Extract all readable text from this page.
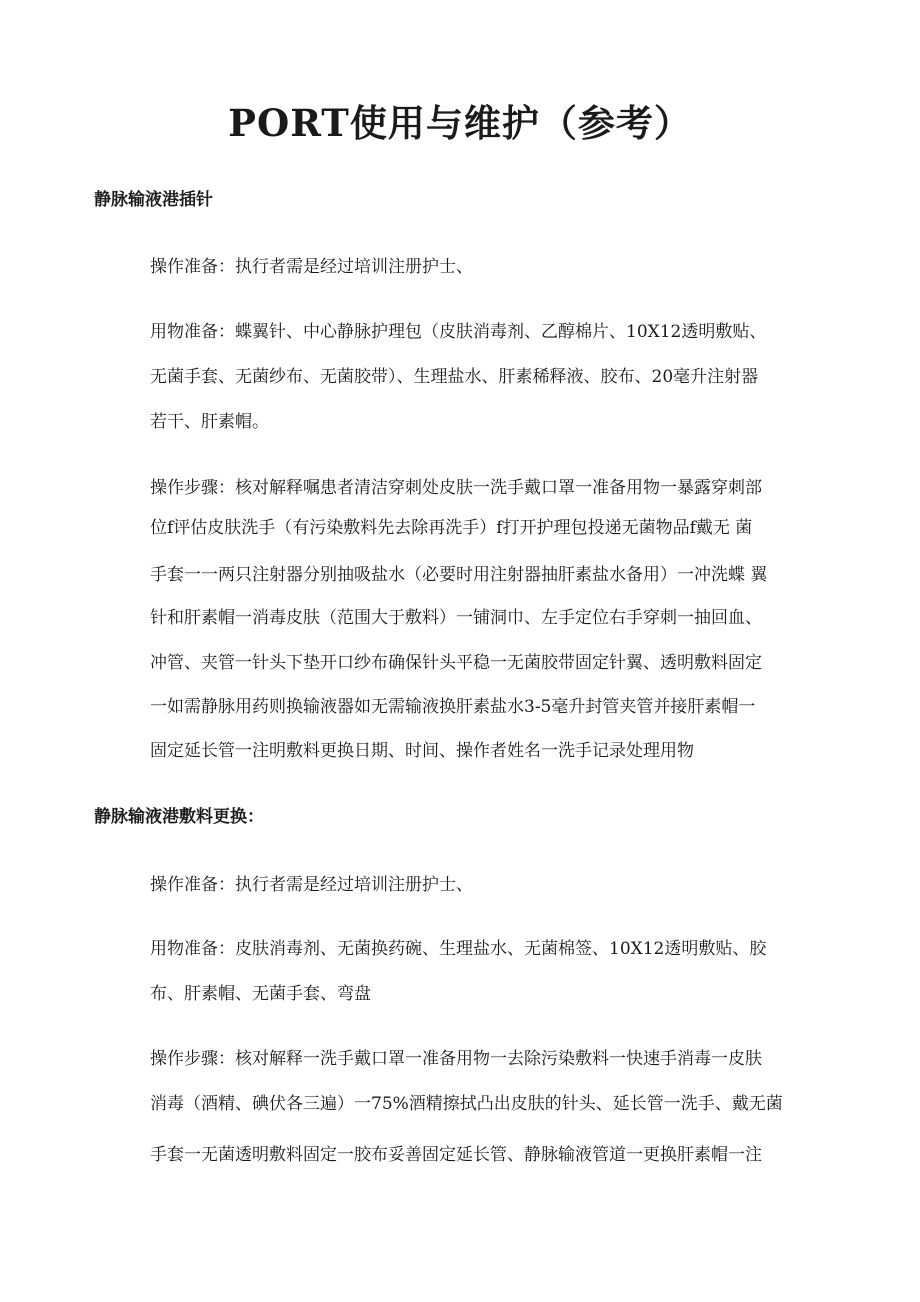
PORT使用与维护（参考）
静脉输液港插针

操作准备：执行者需是经过培训注册护士、

用物准备：蝶翼针、中心静脉护理包（皮肤消毒剂、乙醇棉片、10X12透明敷贴、

无菌手套、无菌纱布、无菌胶带）、生理盐水、肝素稀释液、胶布、20毫升注射器

若干、肝素帽。

操作步骤：核对解释嘱患者清洁穿刺处皮肤一洗手戴口罩一准备用物一暴露穿刺部

位f评估皮肤洗手（有污染敷料先去除再洗手）f打开护理包投递无菌物品f戴无 菌

手套一一两只注射器分别抽吸盐水（必要时用注射器抽肝素盐水备用）一冲洗蝶 翼

针和肝素帽一消毒皮肤（范围大于敷料）一铺洞巾、左手定位右手穿刺一抽回血、

冲管、夹管一针头下垫开口纱布确保针头平稳一无菌胶带固定针翼、透明敷料固定

一如需静脉用药则换输液器如无需输液换肝素盐水3-5毫升封管夹管并接肝素帽一

固定延长管一注明敷料更换日期、时间、操作者姓名一洗手记录处理用物

静脉输液港敷料更换：

操作准备：执行者需是经过培训注册护士、

用物准备：皮肤消毒剂、无菌换药碗、生理盐水、无菌棉签、10X12透明敷贴、胶

布、肝素帽、无菌手套、弯盘

操作步骤：核对解释一洗手戴口罩一准备用物一去除污染敷料一快速手消毒一皮肤

消毒（酒精、碘伏各三遍）一75%酒精擦拭凸出皮肤的针头、延长管一洗手、戴无菌

手套一无菌透明敷料固定一胶布妥善固定延长管、静脉输液管道一更换肝素帽一注
